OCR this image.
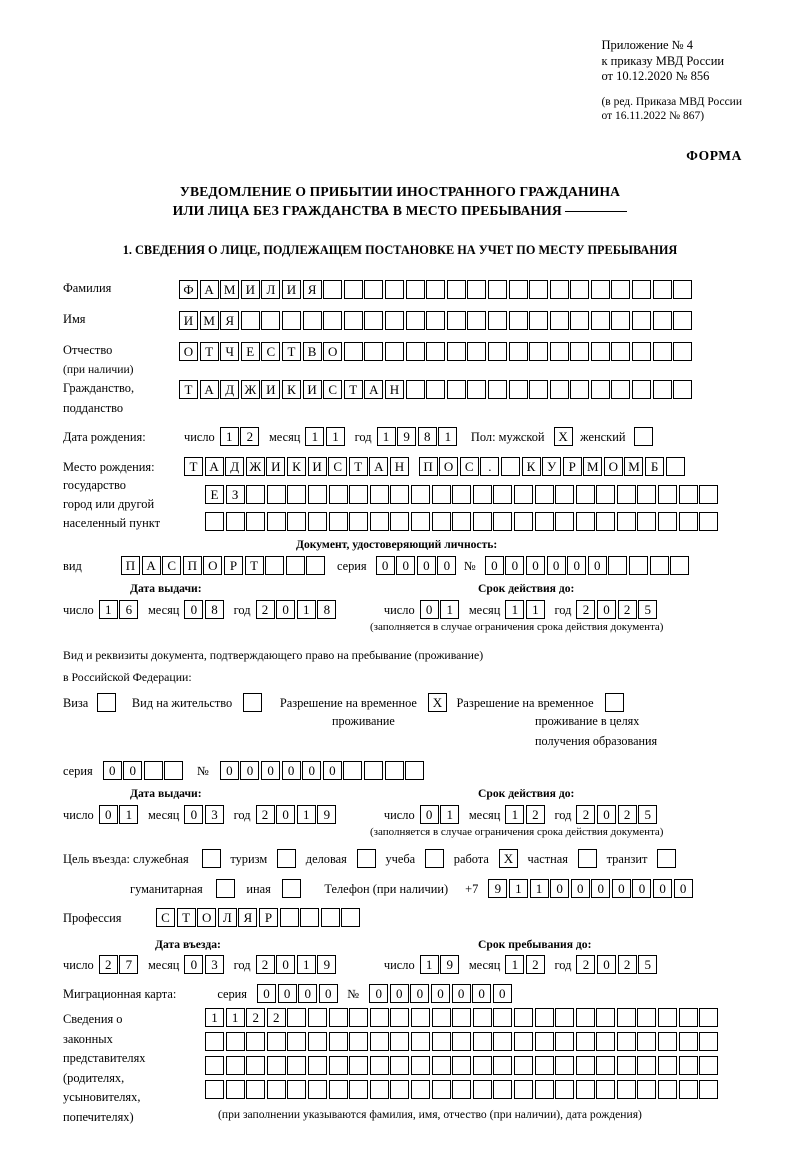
Приложение № 4
к приказу МВД России
от 10.12.2020 № 856
(в ред. Приказа МВД России
от 16.11.2022 № 867)
ФОРМА
УВЕДОМЛЕНИЕ О ПРИБЫТИИ ИНОСТРАННОГО ГРАЖДАНИНА
ИЛИ ЛИЦА БЕЗ ГРАЖДАНСТВА В МЕСТО ПРЕБЫВАНИЯ
1. СВЕДЕНИЯ О ЛИЦЕ, ПОДЛЕЖАЩЕМ ПОСТАНОВКЕ НА УЧЕТ ПО МЕСТУ ПРЕБЫВАНИЯ
Фамилия	Ф А М И Л И Я
Имя	И М Я
Отчество	О Т Ч Е С Т В О
(при наличии)
Гражданство,	Т А Д Ж И К И С Т А Н
подданство
Дата рождения:	число 1	2	месяц 1	1	год 1	9	8	1	Пол: мужской	X	женский
Место рождения:	Т А Д Ж И К И С Т А Н	П О С	.	К У Р М О М Б
государство
Е	З
город или другой
населенный пункт
Документ, удостоверяющий личность:
вид	П А С П О Р	Т	серия	0	0	0	0	№	0	0	0	0	0	0
Дата выдачи:	Срок действия до:
число 1	6	месяц 0	8	год 2	0	1	8	число 0	1	месяц 1	1	год 2	0	2	5
(заполняется в случае ограничения срока действия документа)
Вид и реквизиты документа, подтверждающего право на пребывание (проживание)
в Российской Федерации:
Виза	Вид на жительство	Разрешение на временное	X	Разрешение на временное
проживание	проживание в целях
получения образования
серия	0	0	№	0	0	0	0	0	0
Дата выдачи:	Срок действия до:
число 0	1	месяц 0	3	год 2	0	1	9	число 0	1	месяц 1	2	год 2	0	2	5
(заполняется в случае ограничения срока действия документа)
Цель въезда: служебная	туризм	деловая	учеба	работа	X	частная	транзит
гуманитарная	иная	Телефон (при наличии) +7	9	1	1	0	0	0	0	0	0	0
Профессия	С Т О Л Я Р
Дата въезда:	Срок пребывания до:
число 2	7	месяц 0	3	год 2	0	1	9	число 1	9	месяц 1	2	год 2	0	2	5
Миграционная карта:	серия	0	0	0	0	№	0	0	0	0	0	0	0
Сведения о
законных
представителях
(родителях,
усыновителях,
попечителях)
1	1	2	2
(при заполнении указываются фамилия, имя, отчество (при наличии), дата рождения)
